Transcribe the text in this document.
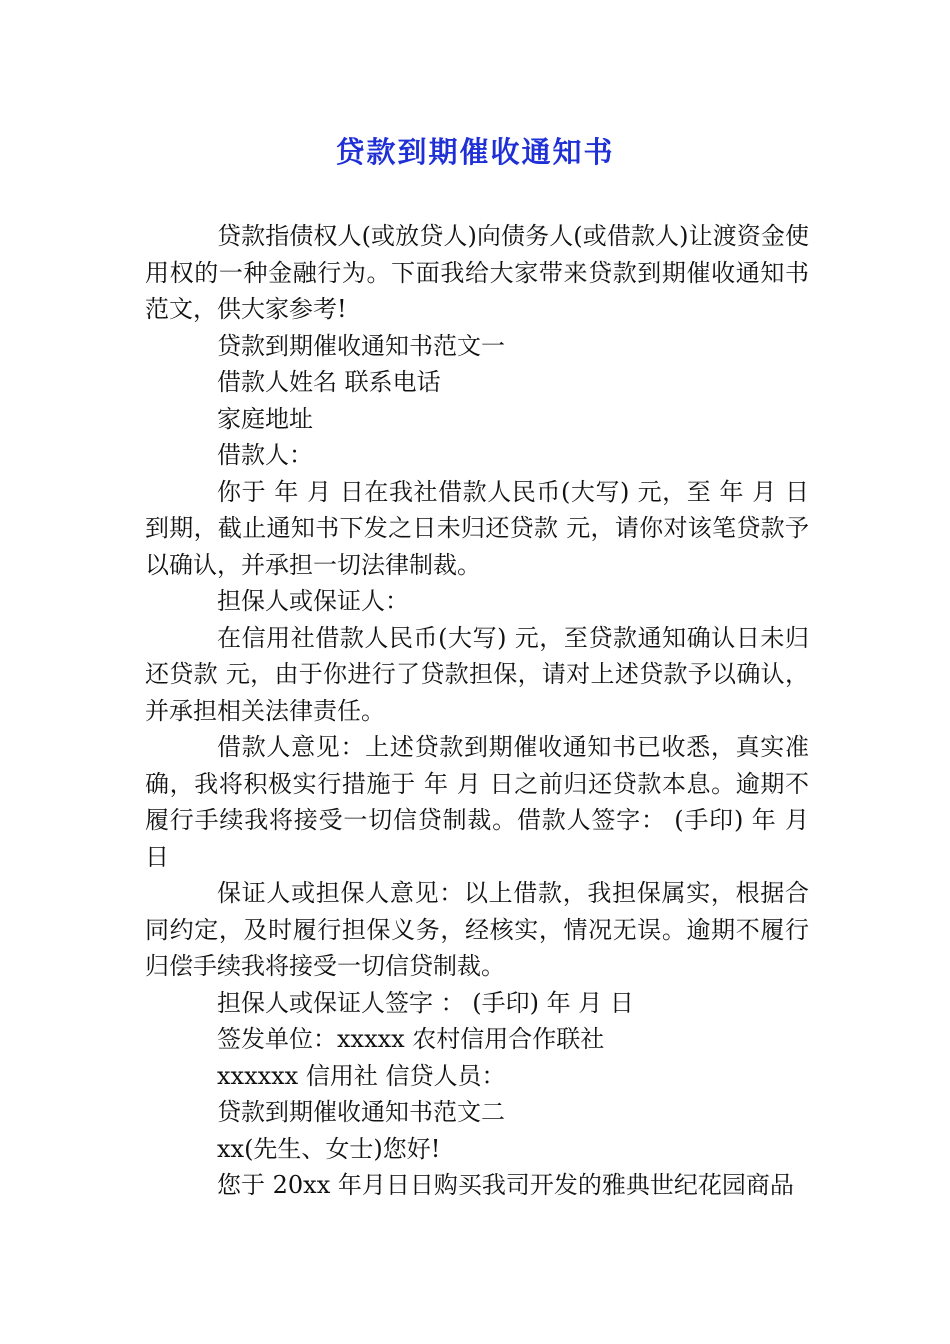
贷款到期催收通知书

贷款指债权人(或放贷人)向债务人(或借款人)让渡资金使用权的一种金融行为。下面我给大家带来贷款到期催收通知书范文，供大家参考!

贷款到期催收通知书范文一

借款人姓名 联系电话

家庭地址

借款人：

你于 年 月 日在我社借款人民币(大写) 元，至 年 月 日到期，截止通知书下发之日未归还贷款 元，请你对该笔贷款予以确认，并承担一切法律制裁。

担保人或保证人：

在信用社借款人民币(大写) 元，至贷款通知确认日未归还贷款 元，由于你进行了贷款担保，请对上述贷款予以确认，并承担相关法律责任。

借款人意见：上述贷款到期催收通知书已收悉，真实准确，我将积极实行措施于 年 月 日之前归还贷款本息。逾期不履行手续我将接受一切信贷制裁。借款人签字： (手印) 年 月 日

保证人或担保人意见：以上借款，我担保属实，根据合同约定，及时履行担保义务，经核实，情况无误。逾期不履行归偿手续我将接受一切信贷制裁。

担保人或保证人签字 ： (手印) 年 月 日

签发单位：xxxxx 农村信用合作联社

xxxxxx 信用社 信贷人员：

贷款到期催收通知书范文二

xx(先生、女士)您好!

您于 20xx 年月日日购买我司开发的雅典世纪花园商品
